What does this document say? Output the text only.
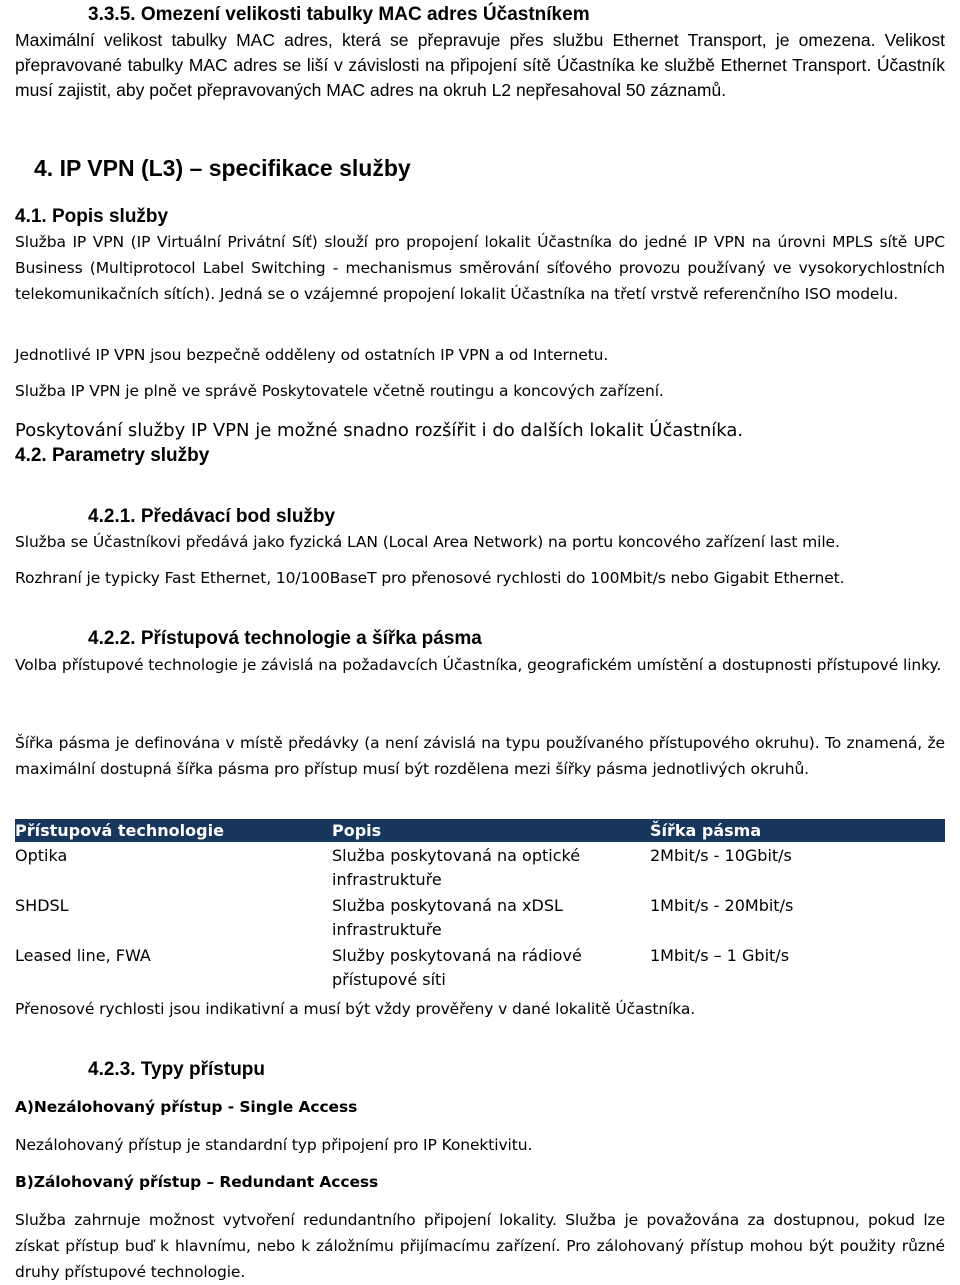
3.3.5. Omezení velikosti tabulky MAC adres Účastníkem

Maximální velikost tabulky MAC adres, která se přepravuje přes službu Ethernet Transport, je omezena. Velikost přepravované tabulky MAC adres se liší v závislosti na připojení sítě Účastníka ke službě Ethernet Transport. Účastník musí zajistit, aby počet přepravovaných MAC adres na okruh L2 nepřesahoval 50 záznamů.

4. IP VPN (L3) – specifikace služby
4.1. Popis služby

Služba IP VPN (IP Virtuální Privátní Síť) slouží pro propojení lokalit Účastníka do jedné IP VPN na úrovni MPLS sítě UPC Business (Multiprotocol Label Switching - mechanismus směrování síťového provozu používaný ve vysokorychlostních telekomunikačních sítích). Jedná se o vzájemné propojení lokalit Účastníka na třetí vrstvě referenčního ISO modelu.

Jednotlivé IP VPN jsou bezpečně odděleny od ostatních IP VPN a od Internetu.

Služba IP VPN je plně ve správě Poskytovatele včetně routingu a koncových zařízení.

Poskytování služby IP VPN je možné snadno rozšířit i do dalších lokalit Účastníka.

4.2. Parametry služby
4.2.1. Předávací bod služby

Služba se Účastníkovi předává jako fyzická LAN (Local Area Network) na portu koncového zařízení last mile.

Rozhraní je typicky Fast Ethernet, 10/100BaseT pro přenosové rychlosti do 100Mbit/s nebo Gigabit Ethernet.

4.2.2. Přístupová technologie a šířka pásma

Volba přístupové technologie je závislá na požadavcích Účastníka, geografickém umístění a dostupnosti přístupové linky.

Šířka pásma je definována v místě předávky (a není závislá na typu používaného přístupového okruhu). To znamená, že maximální dostupná šířka pásma pro přístup musí být rozdělena mezi šířky pásma jednotlivých okruhů.

Přístupová technologie	Popis	Šířka pásma
Optika	Služba poskytovaná na optické infrastruktuře	2Mbit/s - 10Gbit/s
SHDSL	Služba poskytovaná na xDSL infrastruktuře	1Mbit/s - 20Mbit/s
Leased line, FWA	Služby poskytovaná na rádiové přístupové síti	1Mbit/s – 1 Gbit/s

Přenosové rychlosti jsou indikativní a musí být vždy prověřeny v dané lokalitě Účastníka.

4.2.3. Typy přístupu

A)Nezálohovaný přístup - Single Access

Nezálohovaný přístup je standardní typ připojení pro IP Konektivitu.

B)Zálohovaný přístup – Redundant Access

Služba zahrnuje možnost vytvoření redundantního připojení lokality. Služba je považována za dostupnou, pokud lze získat přístup buď k hlavnímu, nebo k záložnímu přijímacímu zařízení. Pro zálohovaný přístup mohou být použity různé druhy přístupové technologie.
